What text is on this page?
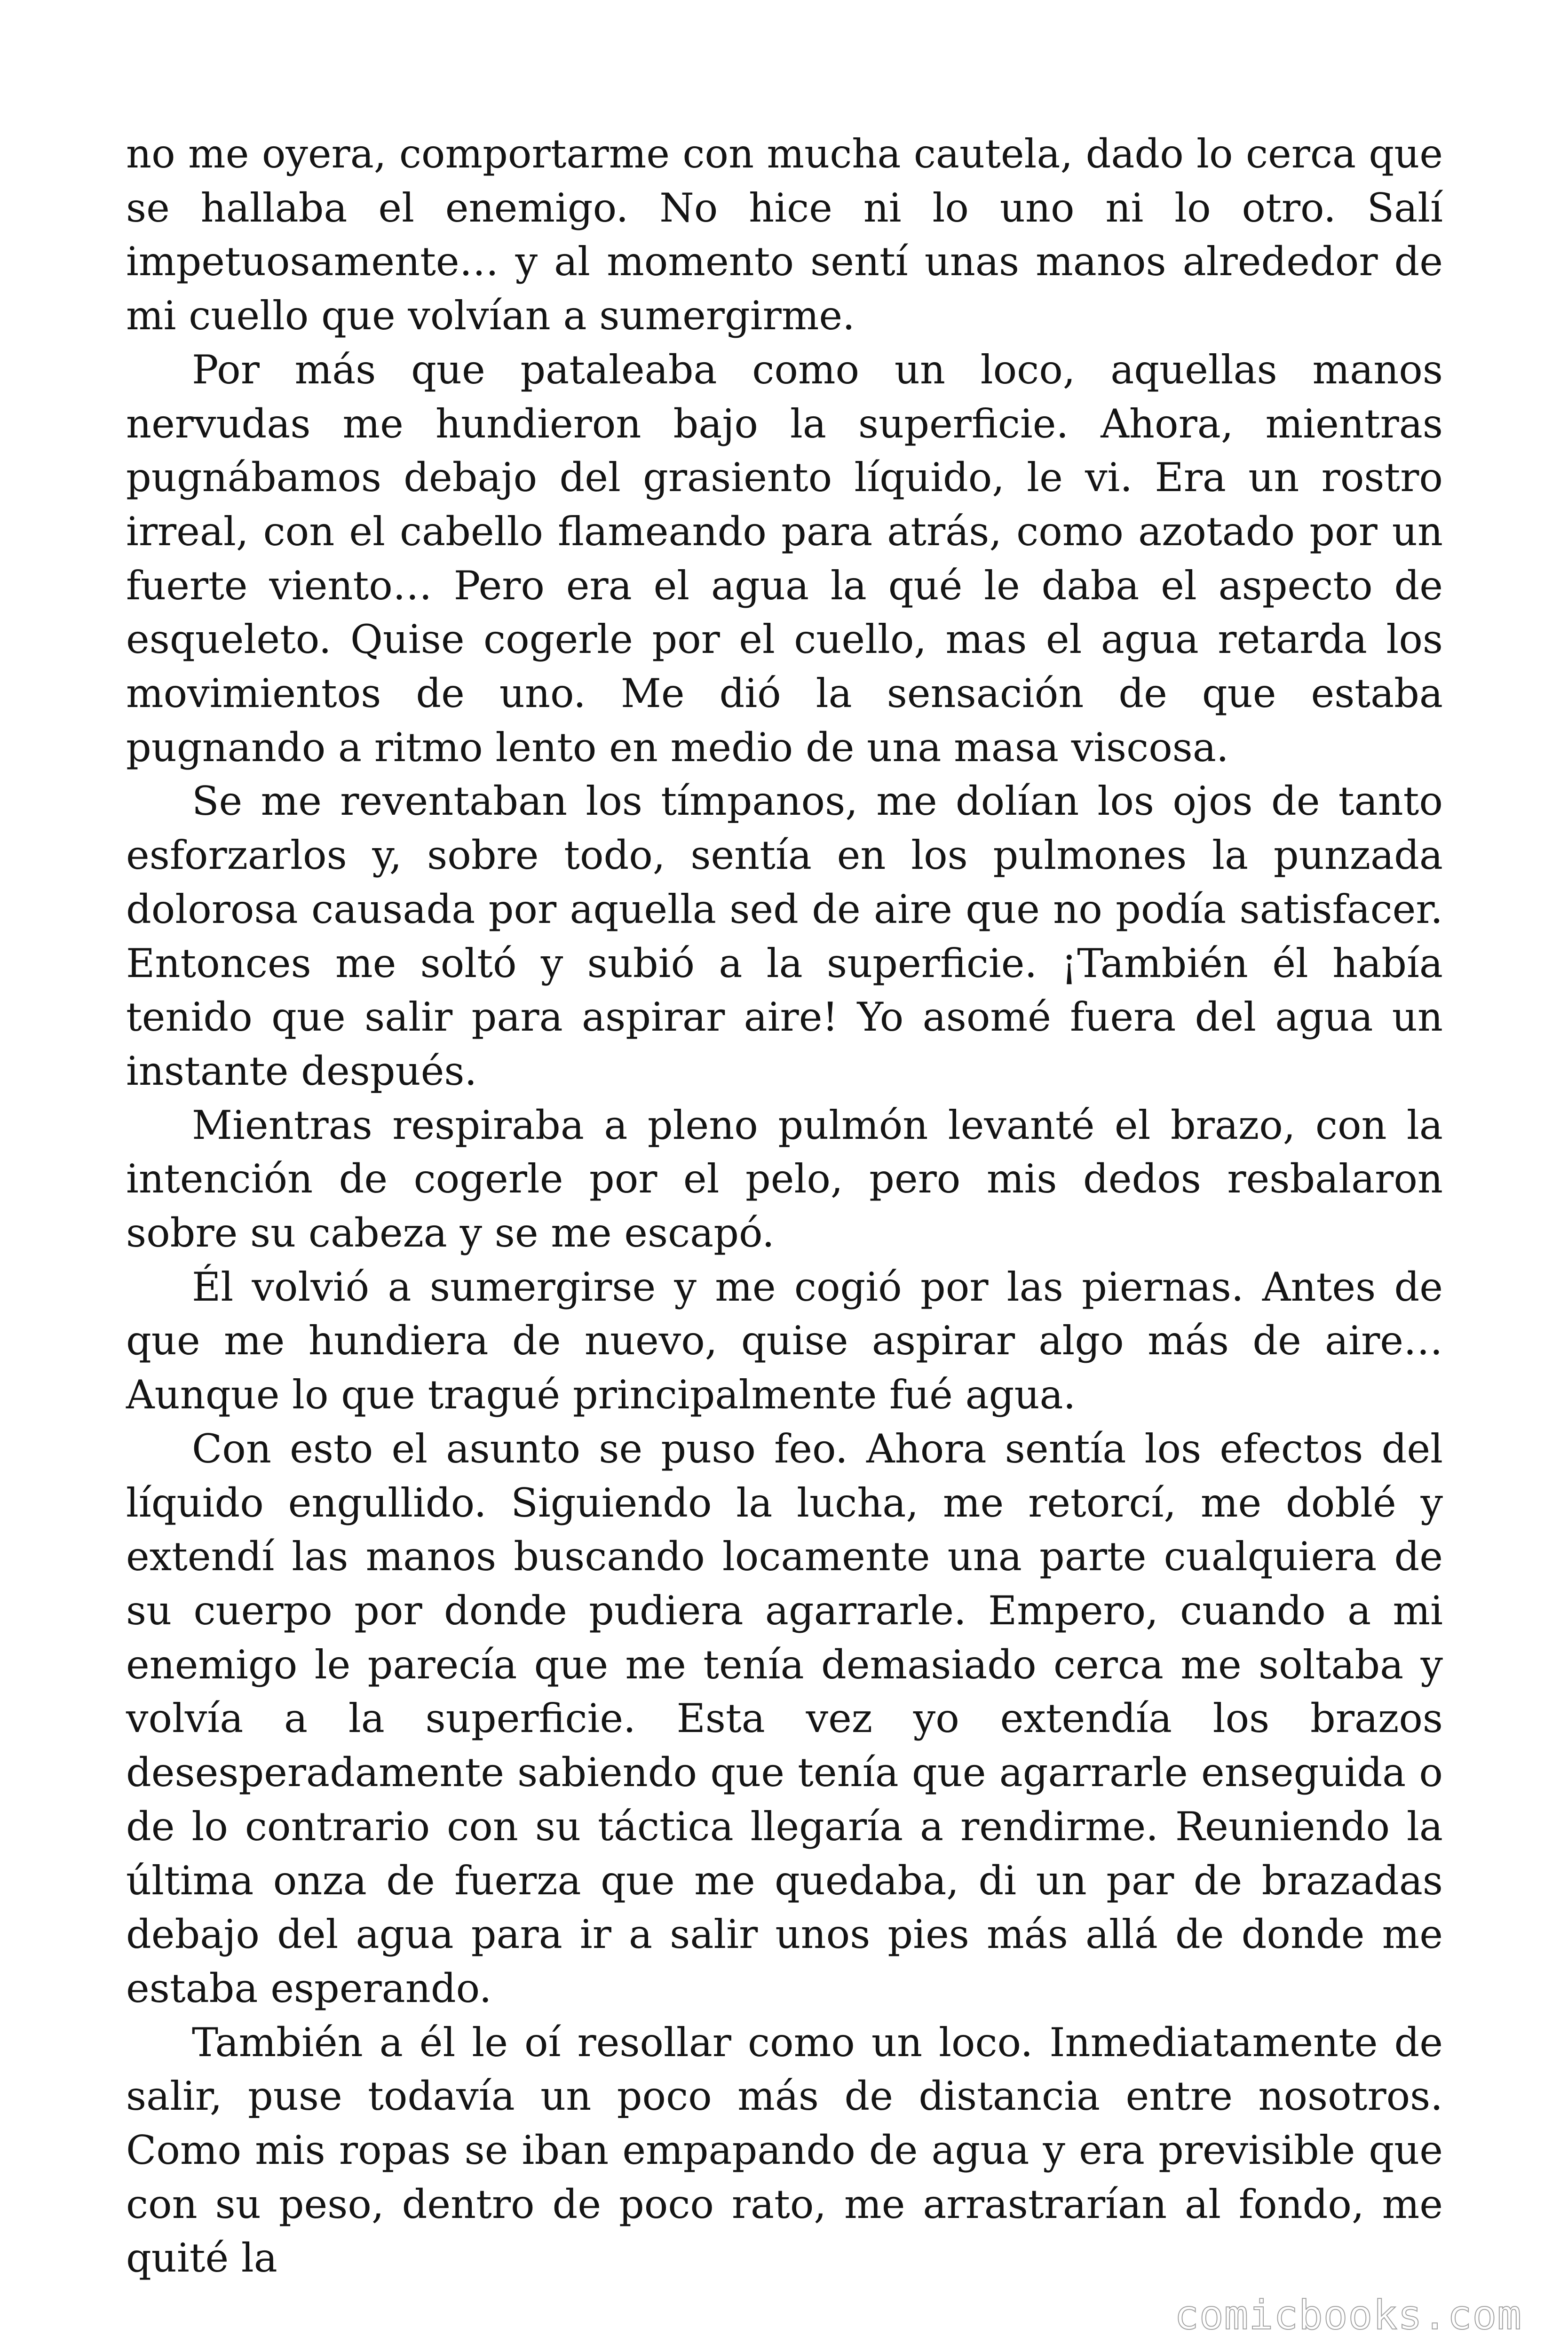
no me oyera, comportarme con mucha cautela, dado lo cerca que se hallaba el enemigo. No hice ni lo uno ni lo otro. Salí impetuosamente… y al momento sentí unas manos alrededor de mi cuello que volvían a sumergirme.

Por más que pataleaba como un loco, aquellas manos nervudas me hundieron bajo la superficie. Ahora, mientras pugnábamos debajo del grasiento líquido, le vi. Era un rostro irreal, con el cabello flameando para atrás, como azotado por un fuerte viento… Pero era el agua la qué le daba el aspecto de esqueleto. Quise cogerle por el cuello, mas el agua retarda los movimientos de uno. Me dió la sensación de que estaba pugnando a ritmo lento en medio de una masa viscosa.

Se me reventaban los tímpanos, me dolían los ojos de tanto esforzarlos y, sobre todo, sentía en los pulmones la punzada dolorosa causada por aquella sed de aire que no podía satisfacer. Entonces me soltó y subió a la superficie. ¡También él había tenido que salir para aspirar aire! Yo asomé fuera del agua un instante después.

Mientras respiraba a pleno pulmón levanté el brazo, con la intención de cogerle por el pelo, pero mis dedos resbalaron sobre su cabeza y se me escapó.

Él volvió a sumergirse y me cogió por las piernas. Antes de que me hundiera de nuevo, quise aspirar algo más de aire… Aunque lo que tragué principalmente fué agua.

Con esto el asunto se puso feo. Ahora sentía los efectos del líquido engullido. Siguiendo la lucha, me retorcí, me doblé y extendí las manos buscando locamente una parte cualquiera de su cuerpo por donde pudiera agarrarle. Empero, cuando a mi enemigo le parecía que me tenía demasiado cerca me soltaba y volvía a la superficie. Esta vez yo extendía los brazos desesperadamente sabiendo que tenía que agarrarle enseguida o de lo contrario con su táctica llegaría a rendirme. Reuniendo la última onza de fuerza que me quedaba, di un par de brazadas debajo del agua para ir a salir unos pies más allá de donde me estaba esperando.

También a él le oí resollar como un loco. Inmediatamente de salir, puse todavía un poco más de distancia entre nosotros. Como mis ropas se iban empapando de agua y era previsible que con su peso, dentro de poco rato, me arrastrarían al fondo, me quité la

comicbooks.com
